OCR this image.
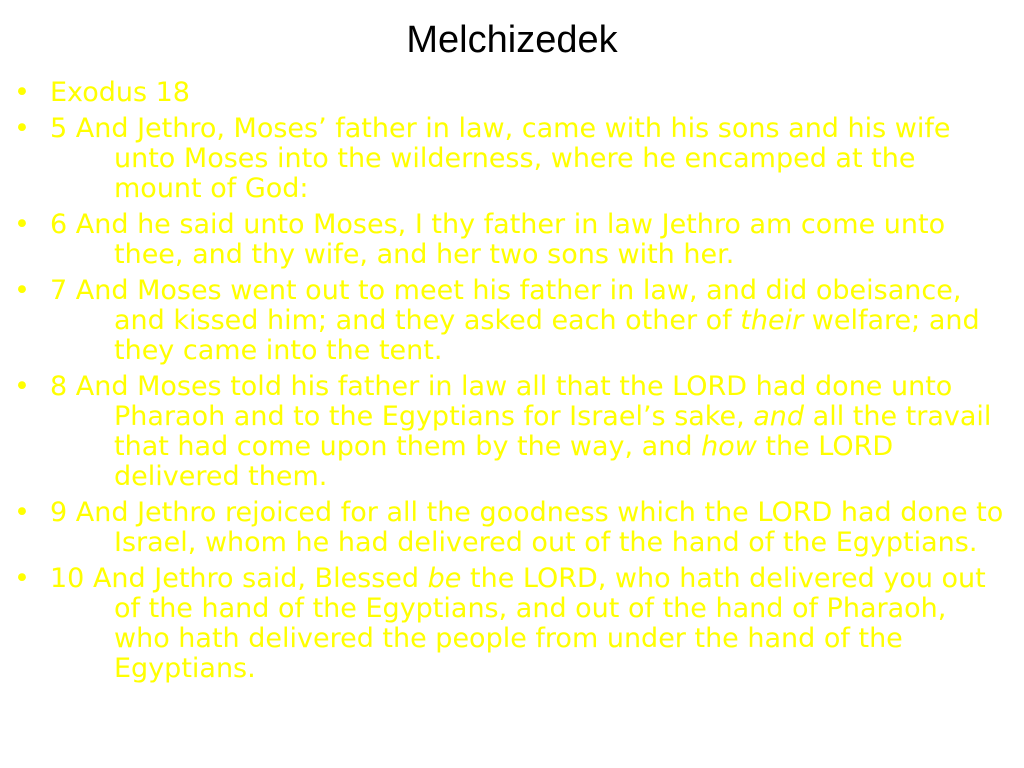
Melchizedek
• Exodus 18
• 5 And Jethro, Moses’ father in law, came with his sons and his wife unto Moses into the wilderness, where he encamped at the mount of God:
• 6 And he said unto Moses, I thy father in law Jethro am come unto thee, and thy wife, and her two sons with her.
• 7 And Moses went out to meet his father in law, and did obeisance, and kissed him; and they asked each other of their welfare; and they came into the tent.
• 8 And Moses told his father in law all that the LORD had done unto Pharaoh and to the Egyptians for Israel’s sake, and all the travail that had come upon them by the way, and how the LORD delivered them.
• 9 And Jethro rejoiced for all the goodness which the LORD had done to Israel, whom he had delivered out of the hand of the Egyptians.
• 10 And Jethro said, Blessed be the LORD, who hath delivered you out of the hand of the Egyptians, and out of the hand of Pharaoh, who hath delivered the people from under the hand of the Egyptians.
